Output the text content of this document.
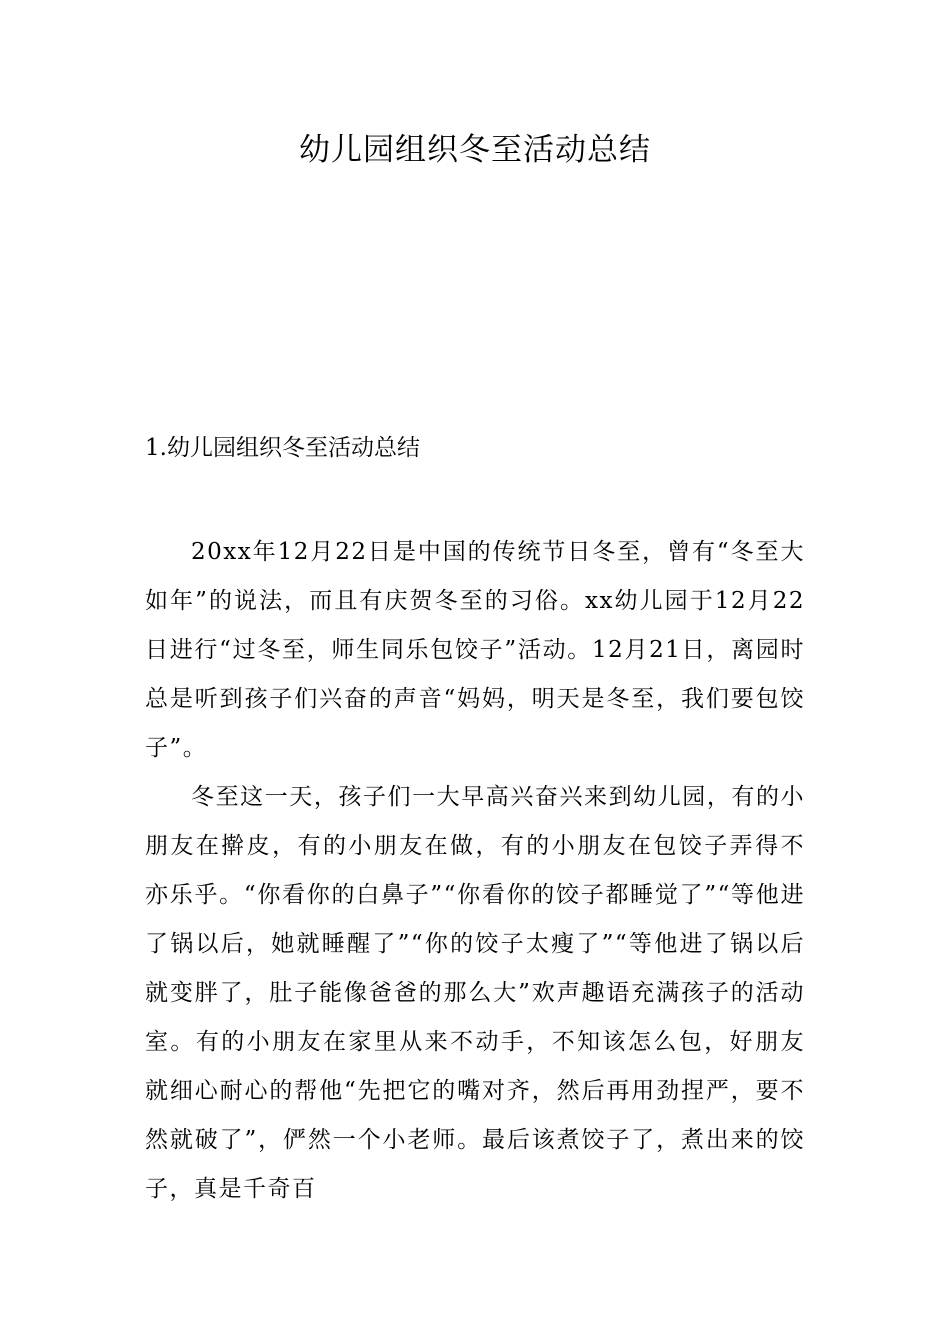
幼儿园组织冬至活动总结
1.幼儿园组织冬至活动总结

20xx年12月22日是中国的传统节日冬至，曾有“冬至大如年”的说法，而且有庆贺冬至的习俗。xx幼儿园于12月22日进行“过冬至，师生同乐包饺子”活动。12月21日，离园时总是听到孩子们兴奋的声音“妈妈，明天是冬至，我们要包饺子”。

冬至这一天，孩子们一大早高兴奋兴来到幼儿园，有的小朋友在擀皮，有的小朋友在做，有的小朋友在包饺子弄得不亦乐乎。“你看你的白鼻子”“你看你的饺子都睡觉了”“等他进了锅以后，她就睡醒了”“你的饺子太瘦了”“等他进了锅以后就变胖了，肚子能像爸爸的那么大”欢声趣语充满孩子的活动室。有的小朋友在家里从来不动手，不知该怎么包，好朋友就细心耐心的帮他“先把它的嘴对齐，然后再用劲捏严，要不然就破了”，俨然一个小老师。最后该煮饺子了，煮出来的饺子，真是千奇百
